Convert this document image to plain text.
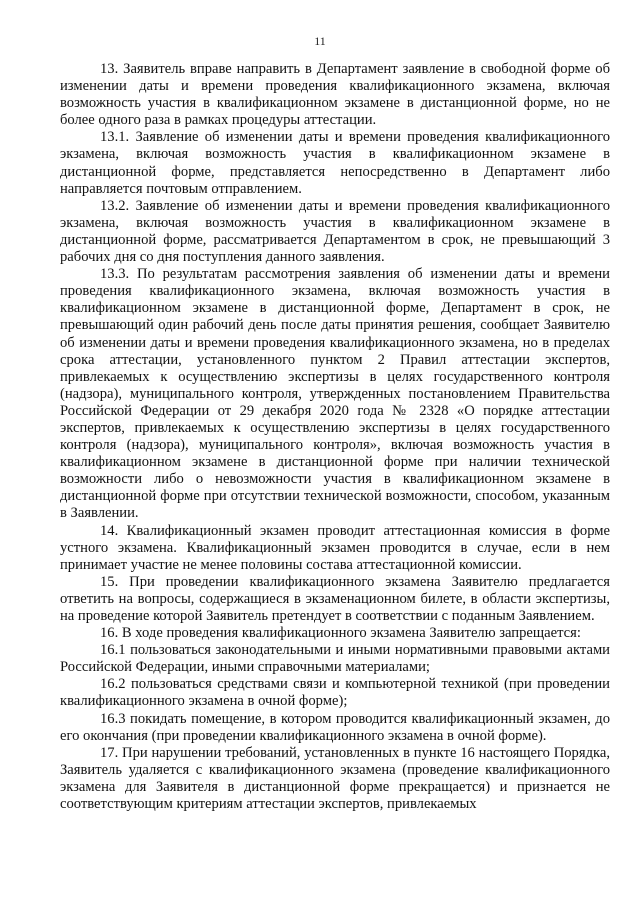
11

13. Заявитель вправе направить в Департамент заявление в свободной форме об изменении даты и времени проведения квалификационного экзамена, включая возможность участия в квалификационном экзамене в дистанционной форме, но не более одного раза в рамках процедуры аттестации.

13.1. Заявление об изменении даты и времени проведения квалификационного экзамена, включая возможность участия в квалификационном экзамене в дистанционной форме, представляется непосредственно в Департамент либо направляется почтовым отправлением.

13.2. Заявление об изменении даты и времени проведения квалификационного экзамена, включая возможность участия в квалификационном экзамене в дистанционной форме, рассматривается Департаментом в срок, не превышающий 3 рабочих дня со дня поступления данного заявления.

13.3. По результатам рассмотрения заявления об изменении даты и времени проведения квалификационного экзамена, включая возможность участия в квалификационном экзамене в дистанционной форме, Департамент в срок, не превышающий один рабочий день после даты принятия решения, сообщает Заявителю об изменении даты и времени проведения квалификационного экзамена, но в пределах срока аттестации, установленного пунктом 2 Правил аттестации экспертов, привлекаемых к осуществлению экспертизы в целях государственного контроля (надзора), муниципального контроля, утвержденных постановлением Правительства Российской Федерации от 29 декабря 2020 года № 2328 «О порядке аттестации экспертов, привлекаемых к осуществлению экспертизы в целях государственного контроля (надзора), муниципального контроля», включая возможность участия в квалификационном экзамене в дистанционной форме при наличии технической возможности либо о невозможности участия в квалификационном экзамене в дистанционной форме при отсутствии технической возможности, способом, указанным в Заявлении.

14. Квалификационный экзамен проводит аттестационная комиссия в форме устного экзамена. Квалификационный экзамен проводится в случае, если в нем принимает участие не менее половины состава аттестационной комиссии.

15. При проведении квалификационного экзамена Заявителю предлагается ответить на вопросы, содержащиеся в экзаменационном билете, в области экспертизы, на проведение которой Заявитель претендует в соответствии с поданным Заявлением.

16. В ходе проведения квалификационного экзамена Заявителю запрещается:

16.1 пользоваться законодательными и иными нормативными правовыми актами Российской Федерации, иными справочными материалами;

16.2 пользоваться средствами связи и компьютерной техникой (при проведении квалификационного экзамена в очной форме);

16.3 покидать помещение, в котором проводится квалификационный экзамен, до его окончания (при проведении квалификационного экзамена в очной форме).

17. При нарушении требований, установленных в пункте 16 настоящего Порядка, Заявитель удаляется с квалификационного экзамена (проведение квалификационного экзамена для Заявителя в дистанционной форме прекращается) и признается не соответствующим критериям аттестации экспертов, привлекаемых
